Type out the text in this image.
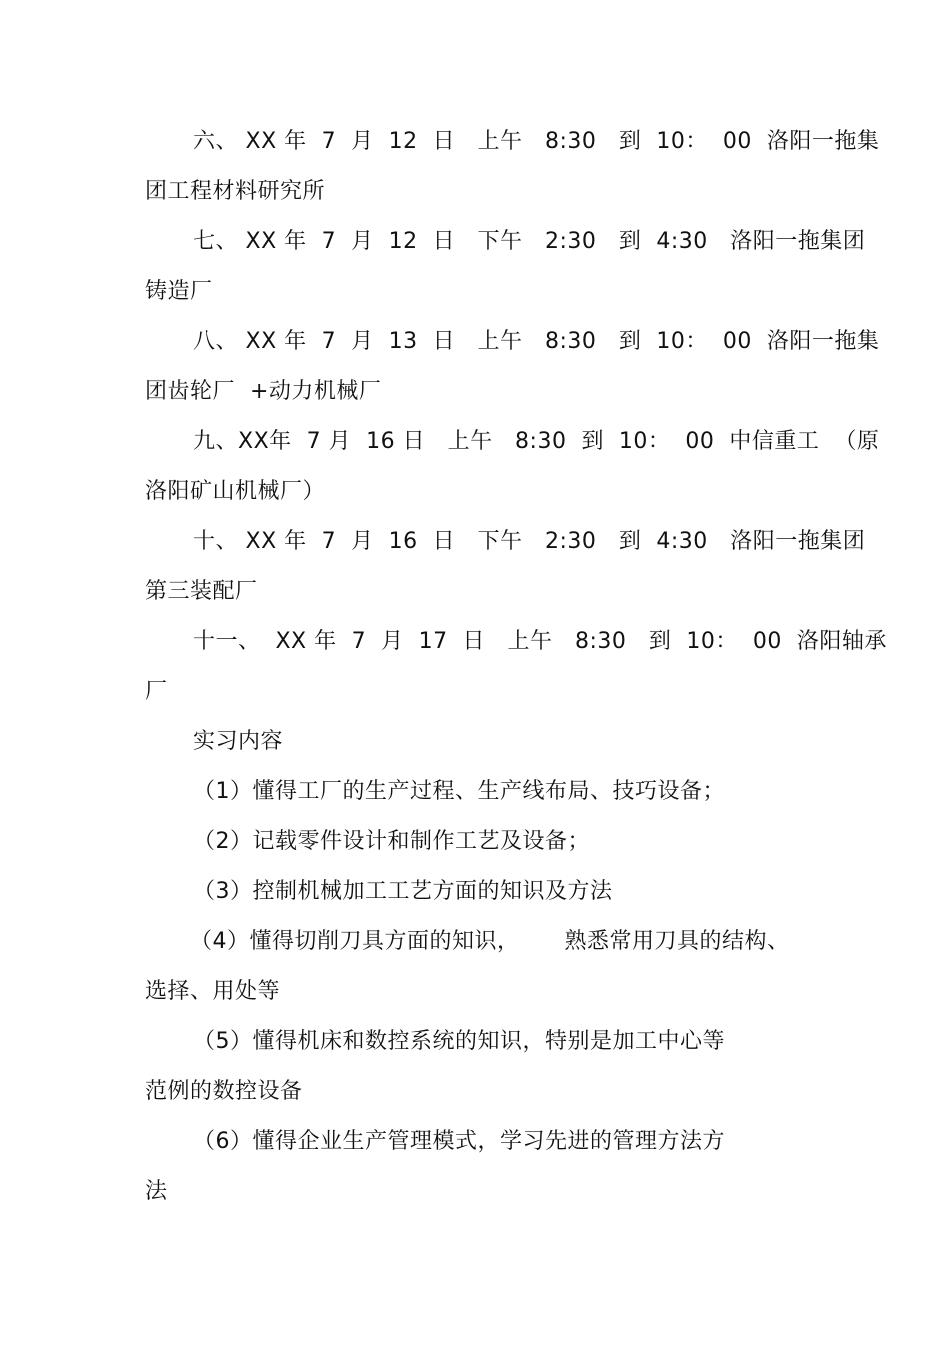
六、 XX 年  7  月  12  日   上午   8:30   到  10：  00  洛阳一拖集
团工程材料研究所
七、 XX 年  7  月  12  日   下午   2:30   到  4:30   洛阳一拖集团
铸造厂
八、 XX 年  7  月  13  日   上午   8:30   到  10：  00  洛阳一拖集
团齿轮厂  +动力机械厂
九、XX年  7 月  16 日   上午   8:30  到  10：  00  中信重工  （原
洛阳矿山机械厂）
十、 XX 年  7  月  16  日   下午   2:30   到  4:30   洛阳一拖集团
第三装配厂
十一、  XX 年  7  月  17  日   上午   8:30   到  10：  00  洛阳轴承
厂
实习内容
（1）懂得工厂的生产过程、生产线布局、技巧设备；
（2）记载零件设计和制作工艺及设备；
（3）控制机械加工工艺方面的知识及方法
（4）懂得切削刀具方面的知识，      熟悉常用刀具的结构、
选择、用处等
（5）懂得机床和数控系统的知识，特别是加工中心等
范例的数控设备
（6）懂得企业生产管理模式，学习先进的管理方法方
法
